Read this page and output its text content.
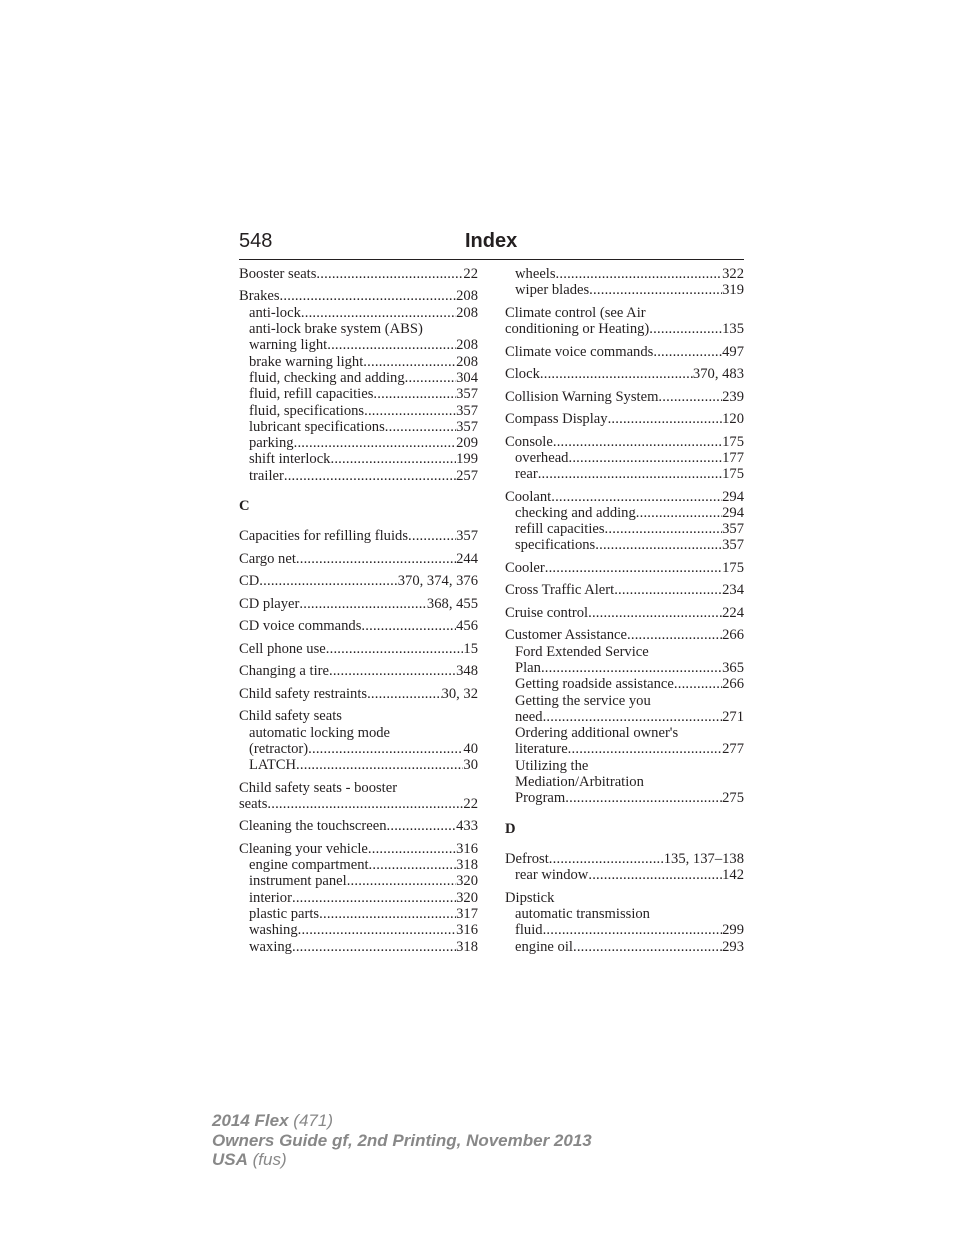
548	Index
Booster seats .....	22
Brakes .....	208
anti-lock .....	208
anti-lock brake system (ABS)
warning light .....	208
brake warning light .....	208
fluid, checking and adding .....	304
fluid, refill capacities .....	357
fluid, specifications .....	357
lubricant specifications .....	357
parking .....	209
shift interlock .....	199
trailer .....	257
C
Capacities for refilling fluids .....	357
Cargo net .....	244
CD .....	370, 374, 376
CD player .....	368, 455
CD voice commands .....	456
Cell phone use .....	15
Changing a tire .....	348
Child safety restraints .....	30, 32
Child safety seats
automatic locking mode
(retractor) .....	40
LATCH .....	30
Child safety seats - booster
seats .....	22
Cleaning the touchscreen .....	433
Cleaning your vehicle .....	316
engine compartment .....	318
instrument panel .....	320
interior .....	320
plastic parts .....	317
washing .....	316
waxing .....	318
wheels .....	322
wiper blades .....	319
Climate control (see Air
conditioning or Heating) .....	135
Climate voice commands .....	497
Clock .....	370, 483
Collision Warning System .....	239
Compass Display .....	120
Console .....	175
overhead .....	177
rear .....	175
Coolant .....	294
checking and adding .....	294
refill capacities .....	357
specifications .....	357
Cooler .....	175
Cross Traffic Alert .....	234
Cruise control .....	224
Customer Assistance .....	266
Ford Extended Service
Plan .....	365
Getting roadside assistance .....	266
Getting the service you
need .....	271
Ordering additional owner's
literature .....	277
Utilizing the
Mediation/Arbitration
Program .....	275
D
Defrost .....	135, 137–138
rear window .....	142
Dipstick
automatic transmission
fluid .....	299
engine oil .....	293
2014 Flex (471)
Owners Guide gf, 2nd Printing, November 2013
USA (fus)
